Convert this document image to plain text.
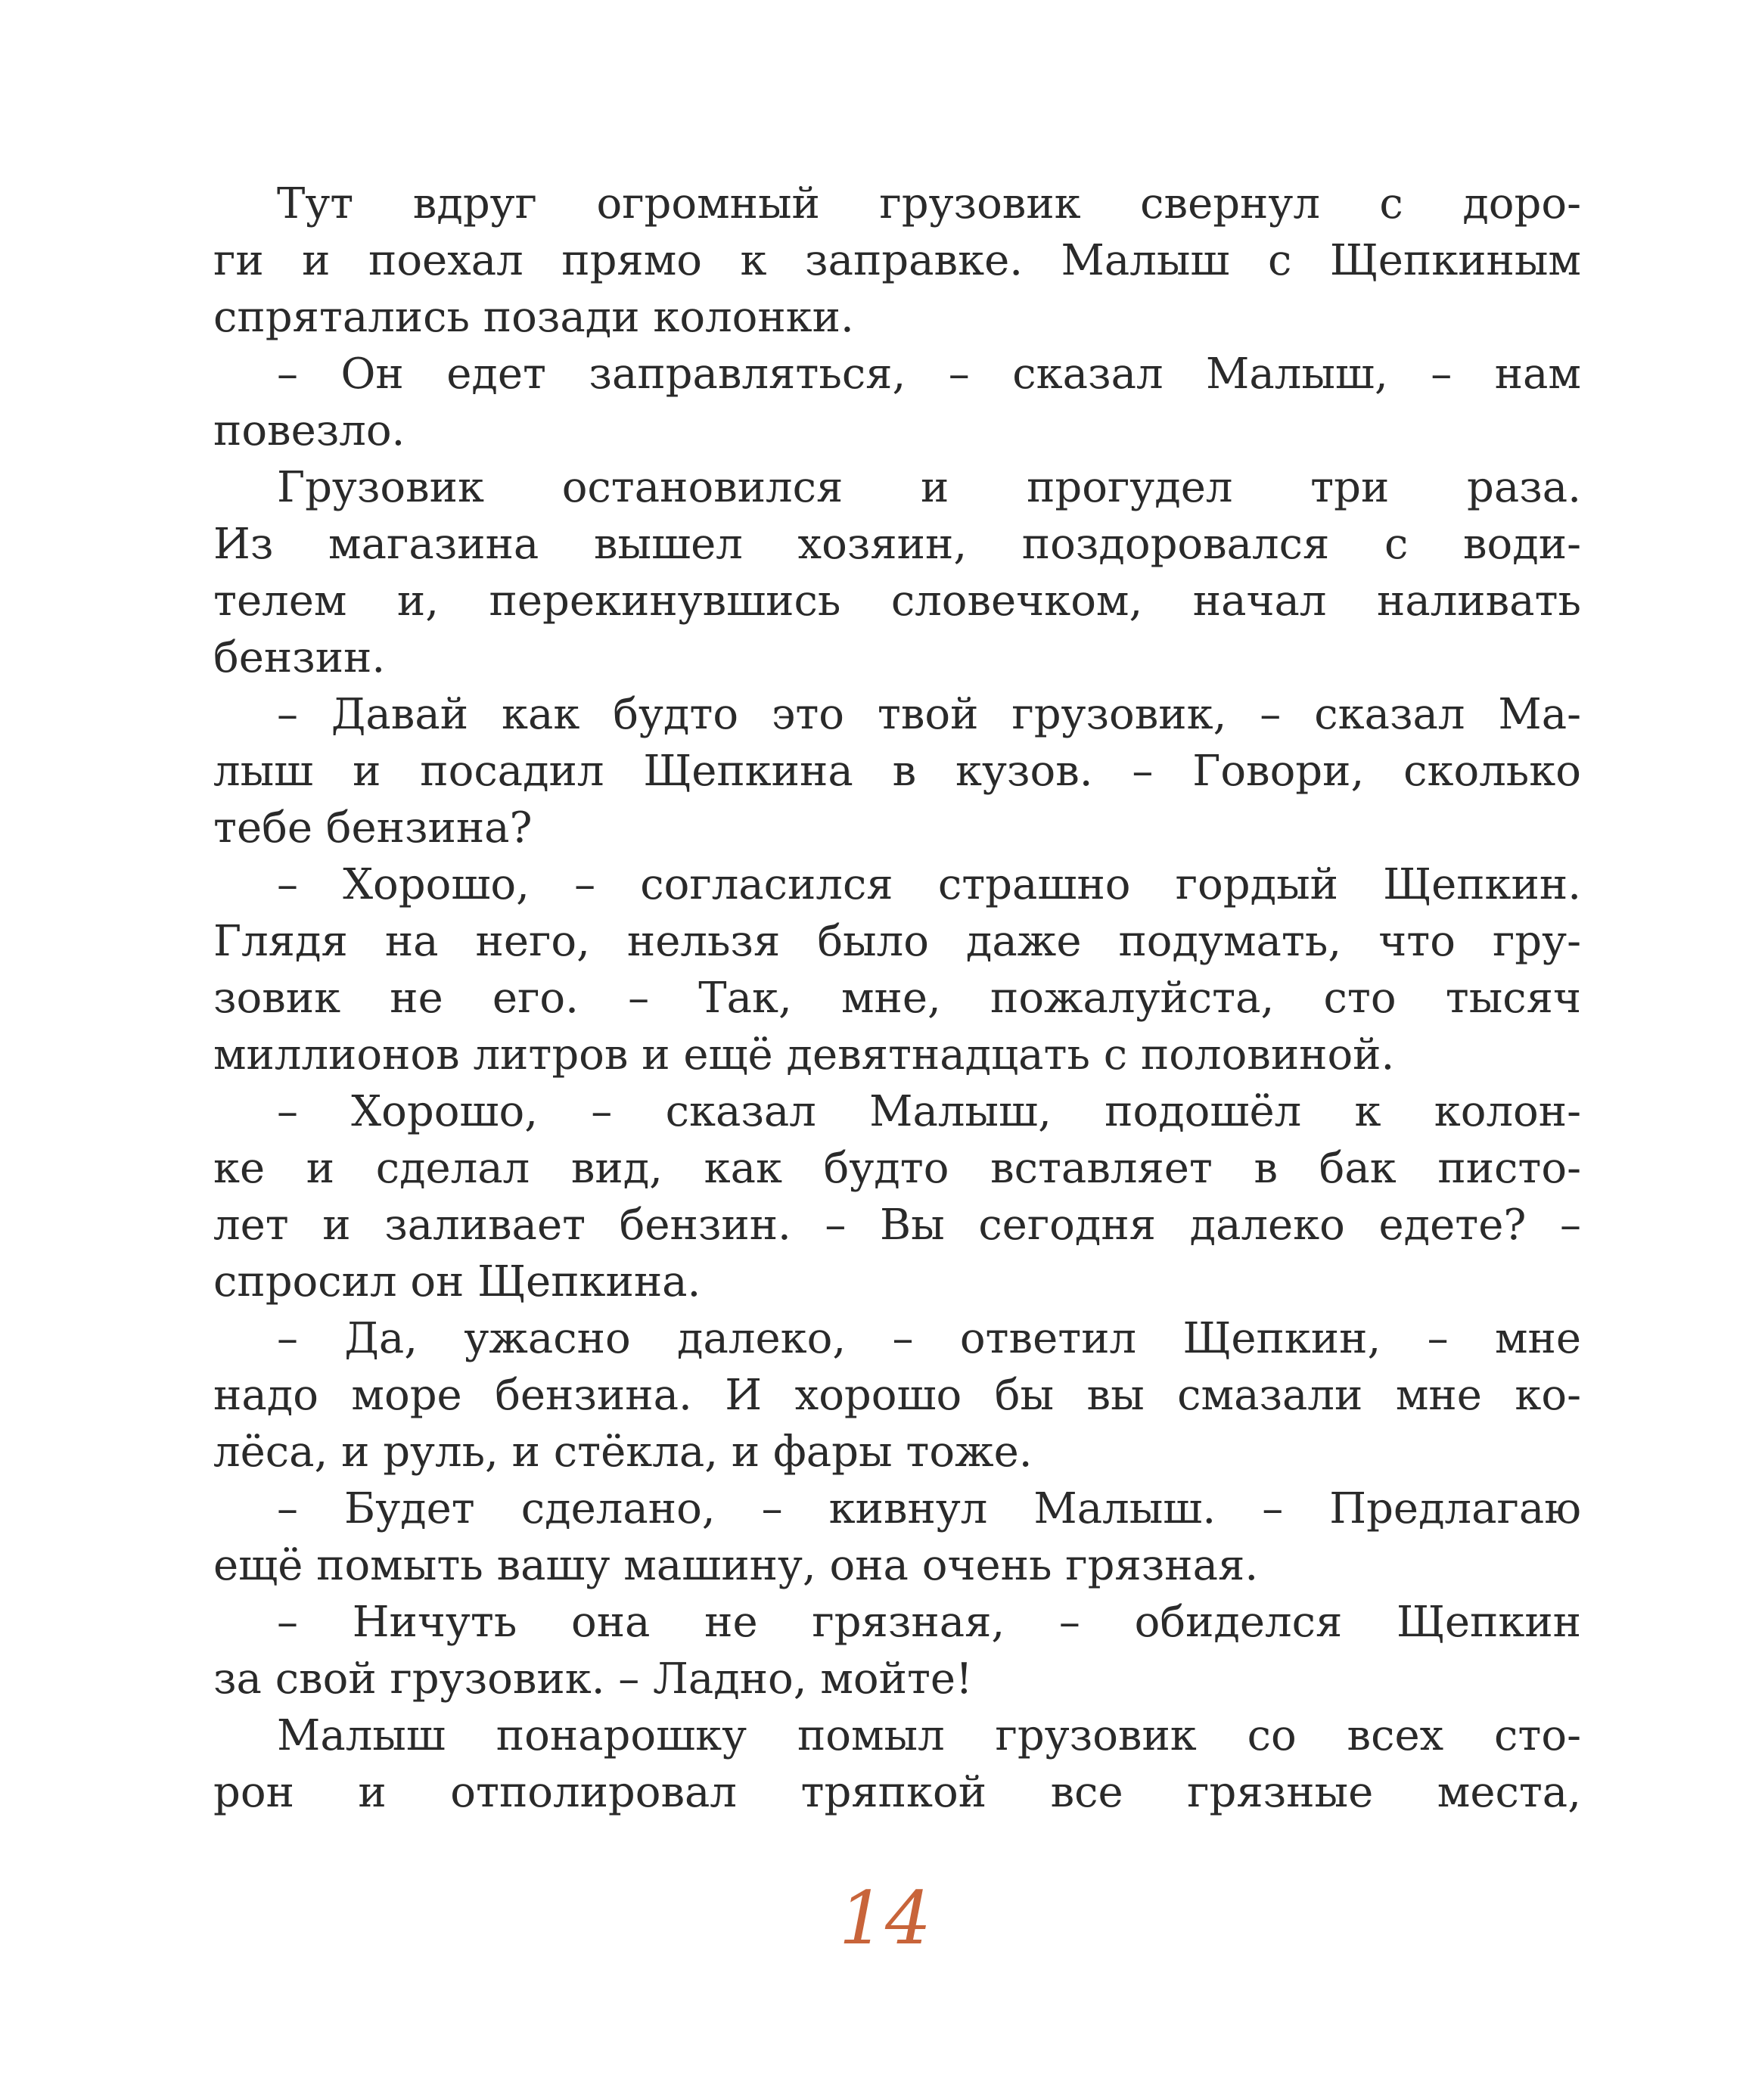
Тут вдруг огромный грузовик свернул с доро-
ги и поехал прямо к заправке. Малыш с Щепкиным
спрятались позади колонки.
– Он едет заправляться, – сказал Малыш, – нам
повезло.
Грузовик остановился и прогудел три раза.
Из магазина вышел хозяин, поздоровался с води-
телем и, перекинувшись словечком, начал наливать
бензин.
– Давай как будто это твой грузовик, – сказал Ма-
лыш и посадил Щепкина в кузов. – Говори, сколько
тебе бензина?
– Хорошо, – согласился страшно гордый Щепкин.
Глядя на него, нельзя было даже подумать, что гру-
зовик не его. – Так, мне, пожалуйста, сто тысяч
миллионов литров и ещё девятнадцать с половиной.
– Хорошо, – сказал Малыш, подошёл к колон-
ке и сделал вид, как будто вставляет в бак писто-
лет и заливает бензин. – Вы сегодня далеко едете? –
спросил он Щепкина.
– Да, ужасно далеко, – ответил Щепкин, – мне
надо море бензина. И хорошо бы вы смазали мне ко-
лёса, и руль, и стёкла, и фары тоже.
– Будет сделано, – кивнул Малыш. – Предлагаю
ещё помыть вашу машину, она очень грязная.
– Ничуть она не грязная, – обиделся Щепкин
за свой грузовик. – Ладно, мойте!
Малыш понарошку помыл грузовик со всех сто-
рон и отполировал тряпкой все грязные места,
14
